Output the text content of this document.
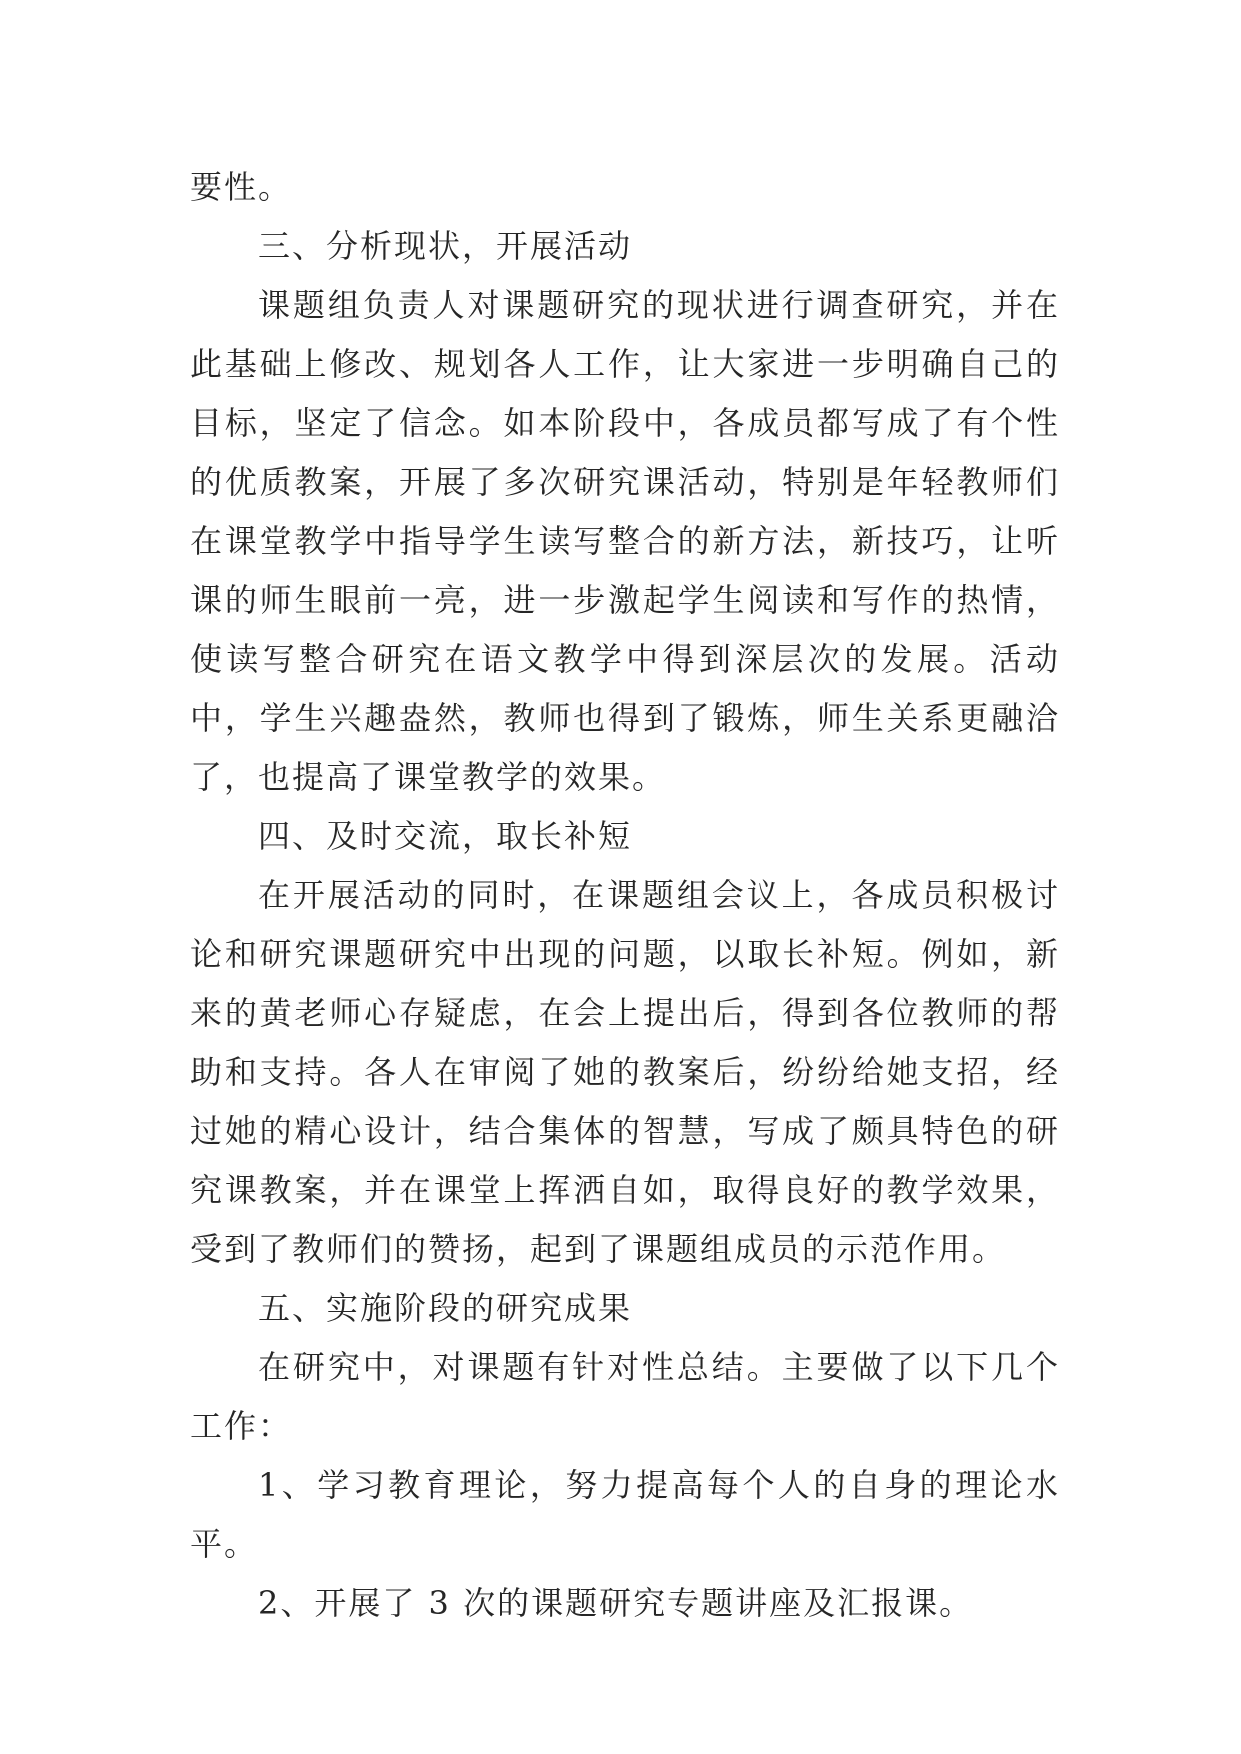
要性。

三、分析现状，开展活动

课题组负责人对课题研究的现状进行调查研究，并在此基础上修改、规划各人工作，让大家进一步明确自己的目标，坚定了信念。如本阶段中，各成员都写成了有个性的优质教案，开展了多次研究课活动，特别是年轻教师们在课堂教学中指导学生读写整合的新方法，新技巧，让听课的师生眼前一亮，进一步激起学生阅读和写作的热情，使读写整合研究在语文教学中得到深层次的发展。活动中，学生兴趣盎然，教师也得到了锻炼，师生关系更融洽了，也提高了课堂教学的效果。

四、及时交流，取长补短

在开展活动的同时，在课题组会议上，各成员积极讨论和研究课题研究中出现的问题，以取长补短。例如，新来的黄老师心存疑虑，在会上提出后，得到各位教师的帮助和支持。各人在审阅了她的教案后，纷纷给她支招，经过她的精心设计，结合集体的智慧，写成了颇具特色的研究课教案，并在课堂上挥洒自如，取得良好的教学效果，受到了教师们的赞扬，起到了课题组成员的示范作用。

五、实施阶段的研究成果

在研究中，对课题有针对性总结。主要做了以下几个工作：

1、学习教育理论，努力提高每个人的自身的理论水平。

2、开展了 3 次的课题研究专题讲座及汇报课。
